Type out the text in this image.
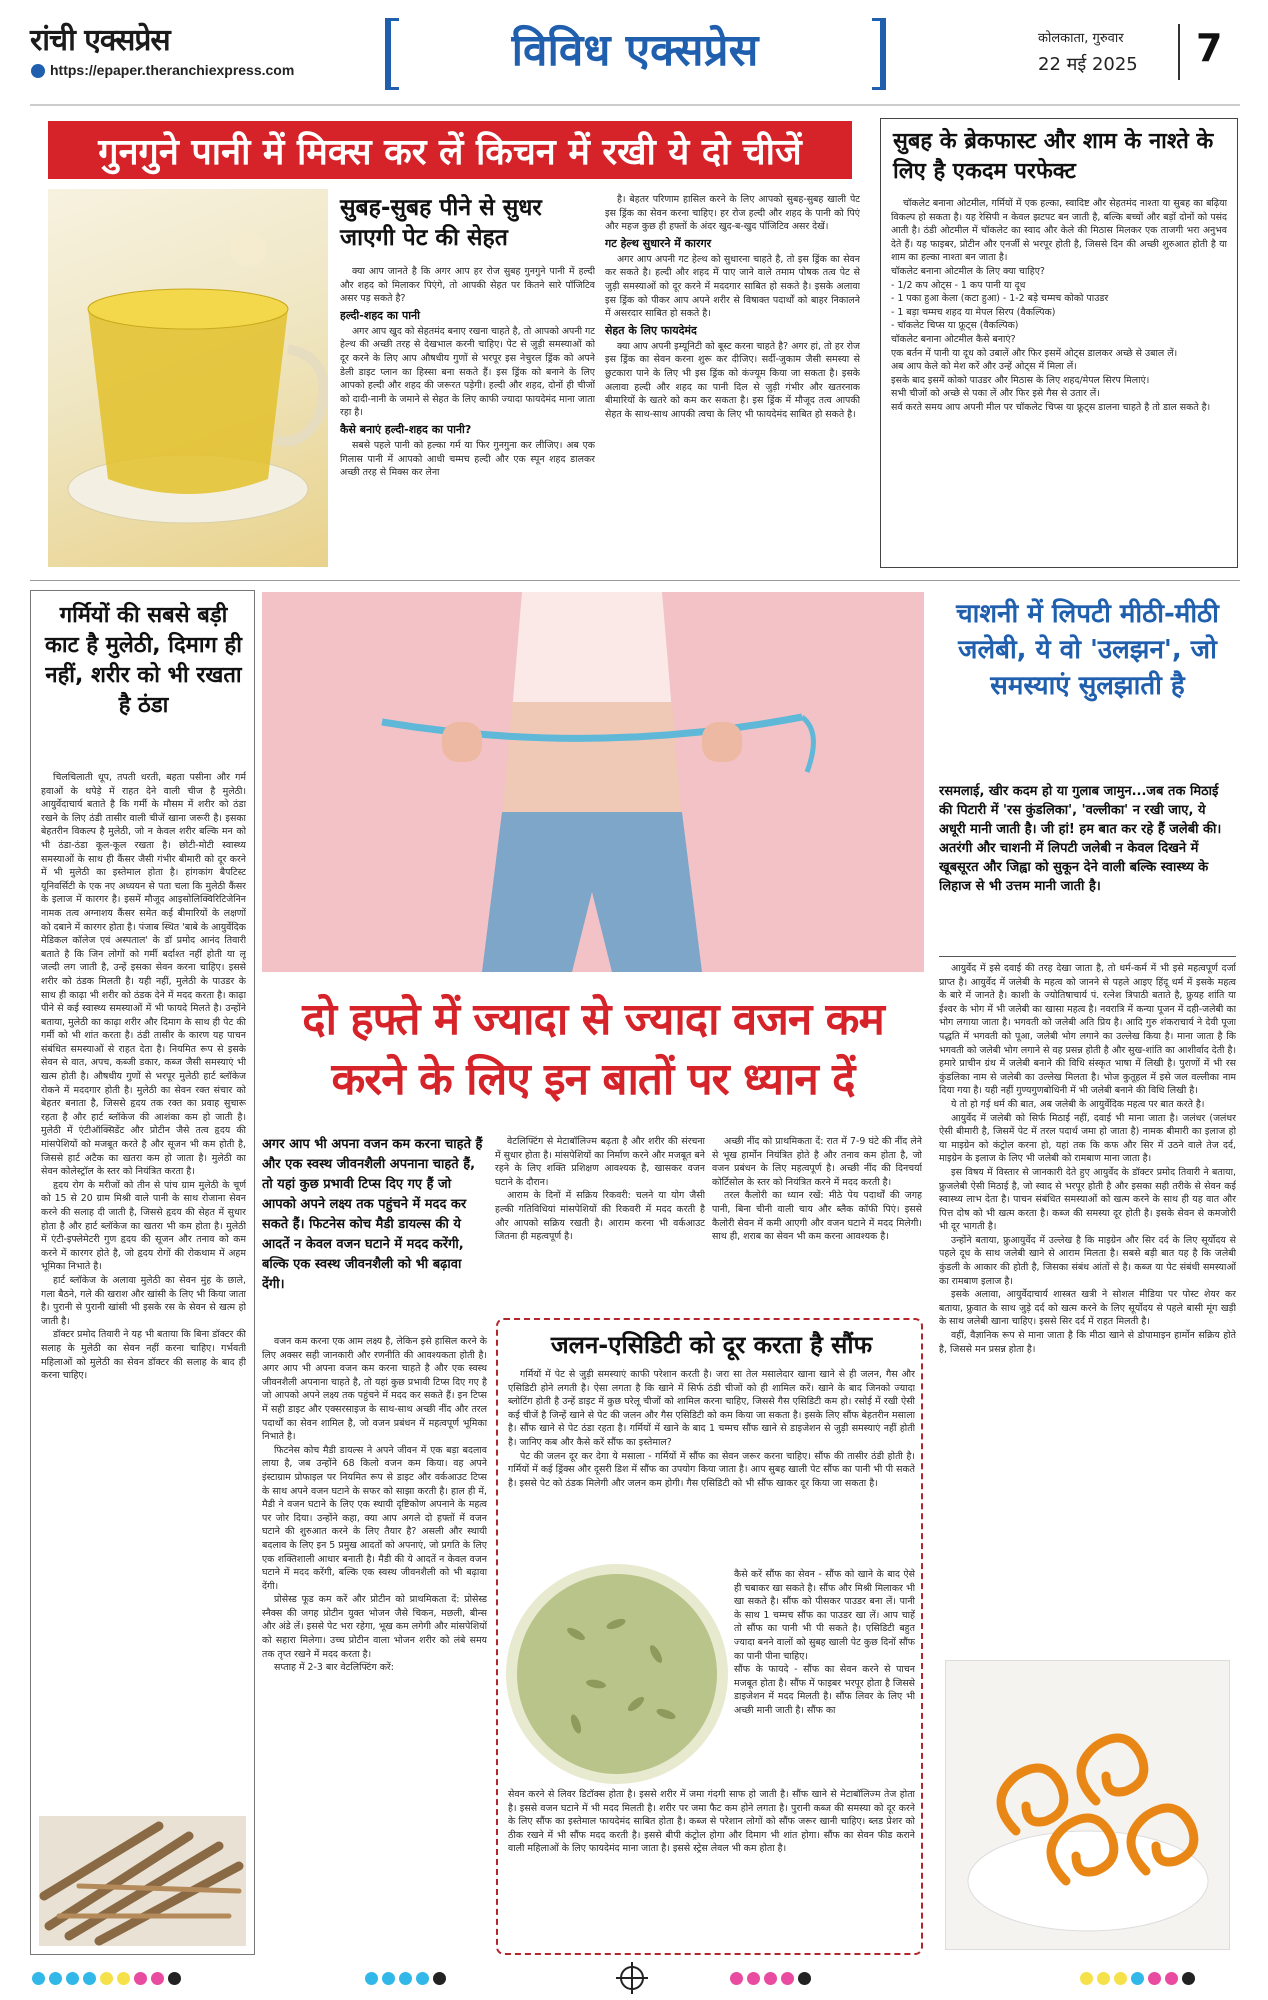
रांची एक्सप्रेस
https://epaper.theranchiexpress.com	विविध एक्सप्रेस	कोलकाता, गुरुवार
22 मई 2025 7
गुनगुने पानी में मिक्स कर लें किचन में रखी ये दो चीजें
सुबह-सुबह पीने से सुधर जाएगी पेट की सेहत

क्या आप जानते है कि अगर आप हर रोज सुबह गुनगुने पानी में हल्दी और शहद को मिलाकर पिएंगे, तो आपकी सेहत पर कितने सारे पॉजिटिव असर पड़ सकते है?

हल्दी-शहद का पानी

अगर आप खुद को सेहतमंद बनाए रखना चाहते है, तो आपको अपनी गट हेल्थ की अच्छी तरह से देखभाल करनी चाहिए। पेट से जुड़ी समस्याओं को दूर करने के लिए आप औषधीय गुणों से भरपूर इस नेचुरल ड्रिंक को अपने डेली डाइट प्लान का हिस्सा बना सकते हैं। इस ड्रिंक को बनाने के लिए आपको हल्दी और शहद की जरूरत पड़ेगी। हल्दी और शहद, दोनों ही चीजों को दादी-नानी के जमाने से सेहत के लिए काफी ज्यादा फायदेमंद माना जाता रहा है।

कैसे बनाएं हल्दी-शहद का पानी?

सबसे पहले पानी को हल्का गर्म या फिर गुनगुना कर लीजिए। अब एक गिलास पानी में आपको आधी चम्मच हल्दी और एक स्पून शहद डालकर अच्छी तरह से मिक्स कर लेना

है। बेहतर परिणाम हासिल करने के लिए आपको सुबह-सुबह खाली पेट इस ड्रिंक का सेवन करना चाहिए। हर रोज हल्दी और शहद के पानी को पिएं और महज कुछ ही हफ्तों के अंदर खुद-ब-खुद पॉजिटिव असर देखें।

गट हेल्थ सुधारने में कारगर

अगर आप अपनी गट हेल्थ को सुधारना चाहते है, तो इस ड्रिंक का सेवन कर सकते है। हल्दी और शहद में पाए जाने वाले तमाम पोषक तत्व पेट से जुड़ी समस्याओं को दूर करने में मददगार साबित हो सकते है। इसके अलावा इस ड्रिंक को पीकर आप अपने शरीर से विषाक्त पदार्थों को बाहर निकालने में असरदार साबित हो सकते है।

सेहत के लिए फायदेमंद

क्या आप अपनी इम्यूनिटी को बूस्ट करना चाहते है? अगर हां, तो हर रोज इस ड्रिंक का सेवन करना शुरू कर दीजिए। सर्दी-जुकाम जैसी समस्या से छुटकारा पाने के लिए भी इस ड्रिंक को कंज्यूम किया जा सकता है। इसके अलावा हल्दी और शहद का पानी दिल से जुड़ी गंभीर और खतरनाक बीमारियों के खतरे को कम कर सकता है। इस ड्रिंक में मौजूद तत्व आपकी सेहत के साथ-साथ आपकी त्वचा के लिए भी फायदेमंद साबित हो सकते है।

सुबह के ब्रेकफास्ट और शाम के नाश्ते के लिए है एकदम परफेक्ट

चॉकलेट बनाना ओटमील, गर्मियों में एक हल्का, स्वादिष्ट और सेहतमंद नाश्ता या सुबह का बढ़िया विकल्प हो सकता है। यह रेसिपी न केवल झटपट बन जाती है, बल्कि बच्चों और बड़ों दोनों को पसंद आती है। ठंडी ओटमील में चॉकलेट का स्वाद और केले की मिठास मिलकर एक ताजगी भरा अनुभव देते हैं। यह फाइबर, प्रोटीन और एनर्जी से भरपूर होती है, जिससे दिन की अच्छी शुरुआत होती है या शाम का हल्का नाश्ता बन जाता है।

चॉकलेट बनाना ओटमील के लिए क्या चाहिए?
- 1/2 कप ओट्स - 1 कप पानी या दूध
- 1 पका हुआ केला (कटा हुआ) - 1-2 बड़े चम्मच कोको पाउडर
- 1 बड़ा चम्मच शहद या मेपल सिरप (वैकल्पिक)
- चॉकलेट चिप्स या फ्रूट्स (वैकल्पिक)
चॉकलेट बनाना ओटमील कैसे बनाएं?
एक बर्तन में पानी या दूध को उबालें और फिर इसमें ओट्स डालकर अच्छे से उबाल लें।
अब आप केले को मेश करें और उन्हें ओट्स में मिला लें।
इसके बाद इसमें कोको पाउडर और मिठास के लिए शहद/मेपल सिरप मिलाएं।
सभी चीजों को अच्छे से पका लें और फिर इसे गैस से उतार लें।
सर्व करते समय आप अपनी मील पर चॉकलेट चिप्स या फ्रूट्स डालना चाहते है तो डाल सकते है।
गर्मियों की सबसे बड़ी काट है मुलेठी, दिमाग ही नहीं, शरीर को भी रखता है ठंडा

चिलचिलाती धूप, तपती धरती, बहता पसीना और गर्म हवाओं के थपेड़े में राहत देने वाली चीज है मुलेठी। आयुर्वेदाचार्य बताते है कि गर्मी के मौसम में शरीर को ठंडा रखने के लिए ठंडी तासीर वाली चीजें खाना जरूरी है। इसका बेहतरीन विकल्प है मुलेठी, जो न केवल शरीर बल्कि मन को भी ठंडा-ठंडा कूल-कूल रखता है। छोटी-मोटी स्वास्थ्य समस्याओं के साथ ही कैंसर जैसी गंभीर बीमारी को दूर करने में भी मुलेठी का इस्तेमाल होता है। हांगकांग बैपटिस्ट यूनिवर्सिटी के एक नए अध्ययन से पता चला कि मुलेठी कैंसर के इलाज में कारगर है। इसमें मौजूद आइसोलिक्विरिटिजेनिन नामक तत्व अग्नाशय कैंसर समेत कई बीमारियों के लक्षणों को दबाने में कारगर होता है। पंजाब स्थित 'बाबे के आयुर्वेदिक मेडिकल कॉलेज एवं अस्पताल' के डॉ प्रमोद आनंद तिवारी बताते है कि जिन लोगों को गर्मी बर्दाश्त नहीं होती या लू जल्दी लग जाती है, उन्हें इसका सेवन करना चाहिए। इससे शरीर को ठंडक मिलती है। यही नहीं, मुलेठी के पाउडर के साथ ही काढ़ा भी शरीर को ठंडक देने में मदद करता है। काढ़ा पीने से कई स्वास्थ्य समस्याओं में भी फायदे मिलते है। उन्होंने बताया, मुलेठी का काढ़ा शरीर और दिमाग के साथ ही पेट की गर्मी को भी शांत करता है। ठंडी तासीर के कारण यह पाचन संबंधित समस्याओं से राहत देता है। नियमित रूप से इसके सेवन से वात, अपच, कब्जी डकार, कब्ज जैसी समस्याएं भी खत्म होती है। औषधीय गुणों से भरपूर मुलेठी हार्ट ब्लॉकेज रोकने में मददगार होती है। मुलेठी का सेवन रक्त संचार को बेहतर बनाता है, जिससे हृदय तक रक्त का प्रवाह सुचारू रहता है और हार्ट ब्लॉकेज की आशंका कम हो जाती है। मुलेठी में एंटीऑक्सिडेंट और प्रोटीन जैसे तत्व हृदय की मांसपेशियों को मजबूत करते है और सूजन भी कम होती है, जिससे हार्ट अटैक का खतरा कम हो जाता है। मुलेठी का सेवन कोलेस्ट्रॉल के स्तर को नियंत्रित करता है।

हृदय रोग के मरीजों को तीन से पांच ग्राम मुलेठी के चूर्ण को 15 से 20 ग्राम मिश्री वाले पानी के साथ रोजाना सेवन करने की सलाह दी जाती है, जिससे हृदय की सेहत में सुधार होता है और हार्ट ब्लॉकेज का खतरा भी कम होता है। मुलेठी में एंटी-इफ्लेमेटरी गुण हृदय की सूजन और तनाव को कम करने में कारगर होते है, जो हृदय रोगों की रोकथाम में अहम भूमिका निभाते है।

हार्ट ब्लॉकेज के अलावा मुलेठी का सेवन मुंह के छाले, गला बैठने, गले की खराश और खांसी के लिए भी किया जाता है। पुरानी से पुरानी खांसी भी इसके रस के सेवन से खत्म हो जाती है।

डॉक्टर प्रमोद तिवारी ने यह भी बताया कि बिना डॉक्टर की सलाह के मुलेठी का सेवन नहीं करना चाहिए। गर्भवती महिलाओं को मुलेठी का सेवन डॉक्टर की सलाह के बाद ही करना चाहिए।

दो हफ्ते में ज्यादा से ज्यादा वजन कम करने के लिए इन बातों पर ध्यान दें
अगर आप भी अपना वजन कम करना चाहते हैं और एक स्वस्थ जीवनशैली अपनाना चाहते हैं, तो यहां कुछ प्रभावी टिप्स दिए गए हैं जो आपको अपने लक्ष्य तक पहुंचने में मदद कर सकते हैं। फिटनेस कोच मैडी डायल्स की ये आदतें न केवल वजन घटाने में मदद करेंगी, बल्कि एक स्वस्थ जीवनशैली को भी बढ़ावा देंगी।

वजन कम करना एक आम लक्ष्य है, लेकिन इसे हासिल करने के लिए अक्सर सही जानकारी और रणनीति की आवश्यकता होती है। अगर आप भी अपना वजन कम करना चाहते है और एक स्वस्थ जीवनशैली अपनाना चाहते है, तो यहां कुछ प्रभावी टिप्स दिए गए है जो आपको अपने लक्ष्य तक पहुंचने में मदद कर सकते हैं। इन टिप्स में सही डाइट और एक्सरसाइज के साथ-साथ अच्छी नींद और तरल पदार्थों का सेवन शामिल है, जो वजन प्रबंधन में महत्वपूर्ण भूमिका निभाते है।

फिटनेस कोच मैडी डायल्स ने अपने जीवन में एक बड़ा बदलाव लाया है, जब उन्होंने 68 किलो वजन कम किया। वह अपने इंस्टाग्राम प्रोफाइल पर नियमित रूप से डाइट और वर्कआउट टिप्स के साथ अपने वजन घटाने के सफर को साझा करती है। हाल ही में, मैडी ने वजन घटाने के लिए एक स्थायी दृष्टिकोण अपनाने के महत्व पर जोर दिया। उन्होंने कहा, क्या आप अगले दो हफ्तों में वजन घटाने की शुरुआत करने के लिए तैयार है? असली और स्थायी बदलाव के लिए इन 5 प्रमुख आदतों को अपनाएं, जो प्रगति के लिए एक शक्तिशाली आधार बनाती है। मैडी की ये आदतें न केवल वजन घटाने में मदद करेंगी, बल्कि एक स्वस्थ जीवनशैली को भी बढ़ावा देंगी।

प्रोसेस्ड फूड कम करें और प्रोटीन को प्राथमिकता दें: प्रोसेस्ड स्नैक्स की जगह प्रोटीन युक्त भोजन जैसे चिकन, मछली, बीन्स और अंडे लें। इससे पेट भरा रहेगा, भूख कम लगेगी और मांसपेशियों को सहारा मिलेगा। उच्च प्रोटीन वाला भोजन शरीर को लंबे समय तक तृप्त रखने में मदद करता है।

सप्ताह में 2-3 बार वेटलिफ्टिंग करें:

वेटलिफ्टिंग से मेटाबॉलिज्म बढ़ता है और शरीर की संरचना में सुधार होता है। मांसपेशियों का निर्माण करने और मजबूत बने रहने के लिए शक्ति प्रशिक्षण आवश्यक है, खासकर वजन घटाने के दौरान।

आराम के दिनों में सक्रिय रिकवरी: चलने या योग जैसी हल्की गतिविधियां मांसपेशियों की रिकवरी में मदद करती है और आपको सक्रिय रखती है। आराम करना भी वर्कआउट जितना ही महत्वपूर्ण है।

अच्छी नींद को प्राथमिकता दें: रात में 7-9 घंटे की नींद लेने से भूख हार्मोन नियंत्रित होते है और तनाव कम होता है, जो वजन प्रबंधन के लिए महत्वपूर्ण है। अच्छी नींद की दिनचर्या कोर्टिसोल के स्तर को नियंत्रित करने में मदद करती है।

तरल कैलोरी का ध्यान रखें: मीठे पेय पदार्थों की जगह पानी, बिना चीनी वाली चाय और ब्लैक कॉफी पिएं। इससे कैलोरी सेवन में कमी आएगी और वजन घटाने में मदद मिलेगी। साथ ही, शराब का सेवन भी कम करना आवश्यक है।

जलन-एसिडिटी को दूर करता है सौंफ

गर्मियों में पेट से जुड़ी समस्याएं काफी परेशान करती है। जरा सा तेल मसालेदार खाना खाने से ही जलन, गैस और एसिडिटी होने लगती है। ऐसा लगता है कि खाने में सिर्फ ठंडी चीजों को ही शामिल करें। खाने के बाद जिनको ज्यादा ब्लोटिंग होती है उन्हें डाइट में कुछ घरेलू चीजों को शामिल करना चाहिए, जिससे गैस एसिडिटी कम हो। रसोई में रखी ऐसी कई चीजें है जिन्हें खाने से पेट की जलन और गैस एसिडिटी को कम किया जा सकता है। इसके लिए सौंफ बेहतरीन मसाला है। सौंफ खाने से पेट ठंडा रहता है। गर्मियों में खाने के बाद 1 चम्मच सौंफ खाने से डाइजेशन से जुड़ी समस्याएं नहीं होती है। जानिए कब और कैसे करें सौंफ का इस्तेमाल?

पेट की जलन दूर कर देगा ये मसाला - गर्मियों में सौंफ का सेवन जरूर करना चाहिए। सौंफ की तासीर ठंडी होती है। गर्मियों में कई ड्रिंक्स और दूसरी डिश में सौंफ का उपयोग किया जाता है। आप सुबह खाली पेट सौंफ का पानी भी पी सकते है। इससे पेट को ठंडक मिलेगी और जलन कम होगी। गैस एसिडिटी को भी सौंफ खाकर दूर किया जा सकता है।

कैसे करें सौंफ का सेवन - सौंफ को खाने के बाद ऐसे ही चबाकर खा सकते है। सौंफ और मिश्री मिलाकर भी खा सकते है। सौंफ को पीसकर पाउडर बना लें। पानी के साथ 1 चम्मच सौंफ का पाउडर खा लें। आप चाहें तो सौंफ का पानी भी पी सकते है। एसिडिटी बहुत ज्यादा बनने वालों को सुबह खाली पेट कुछ दिनों सौंफ का पानी पीना चाहिए।
सौंफ के फायदे - सौंफ का सेवन करने से पाचन मजबूत होता है। सौंफ में फाइबर भरपूर होता है जिससे डाइजेशन में मदद मिलती है। सौंफ लिवर के लिए भी अच्छी मानी जाती है। सौंफ का
सेवन करने से लिवर डिटॉक्स होता है। इससे शरीर में जमा गंदगी साफ हो जाती है। सौंफ खाने से मेटाबॉलिज्म तेज होता है। इससे वजन घटाने में भी मदद मिलती है। शरीर पर जमा फैट कम होने लगता है। पुरानी कब्ज की समस्या को दूर करने के लिए सौंफ का इस्तेमाल फायदेमंद साबित होता है। कब्ज से परेशान लोगों को सौंफ जरूर खानी चाहिए। ब्लड प्रेशर को ठीक रखने में भी सौंफ मदद करती है। इससे बीपी कंट्रोल होगा और दिमाग भी शांत होगा। सौंफ का सेवन फीड कराने वाली महिलाओं के लिए फायदेमंद माना जाता है। इससे स्ट्रेस लेवल भी कम होता है।
चाशनी में लिपटी मीठी-मीठी जलेबी, ये वो 'उलझन', जो समस्याएं सुलझाती है
रसमलाई, खीर कदम हो या गुलाब जामुन...जब तक मिठाई की पिटारी में 'रस कुंडलिका', 'वल्लीका' न रखी जाए, ये अधूरी मानी जाती है। जी हां! हम बात कर रहे हैं जलेबी की। अतरंगी और चाशनी में लिपटी जलेबी न केवल दिखने में खूबसूरत और जिह्वा को सुकून देने वाली बल्कि स्वास्थ्य के लिहाज से भी उत्तम मानी जाती है।

आयुर्वेद में इसे दवाई की तरह देखा जाता है, तो धर्म-कर्म में भी इसे महत्वपूर्ण दर्जा प्राप्त है। आयुर्वेद में जलेबी के महत्व को जानने से पहले आइए हिंदू धर्म में इसके महत्व के बारे में जानते है। काशी के ज्योतिषाचार्य पं. रत्नेश त्रिपाठी बताते है, फ्रुयह शांति या ईश्वर के भोग में भी जलेबी का खासा महत्व है। नवरात्रि में कन्या पूजन में दही-जलेबी का भोग लगाया जाता है। भगवती को जलेबी अति प्रिय है। आदि गुरु शंकराचार्य ने देवी पूजा पद्धति में भगवती को पूआ, जलेबी भोग लगाने का उल्लेख किया है। माना जाता है कि भगवती को जलेबी भोग लगाने से वह प्रसन्न होती है और सुख-शांति का आशीर्वाद देती है। हमारे प्राचीन ग्रंथ में जलेबी बनाने की विधि संस्कृत भाषा में लिखी है। पुराणों में भी रस कुंडलिका नाम से जलेबी का उल्लेख मिलता है। भोज कुतूहल में इसे जल वल्लीका नाम दिया गया है। यही नहीं गुण्यगुणबोधिनी में भी जलेबी बनाने की विधि लिखी है।

ये तो हो गई धर्म की बात, अब जलेबी के आयुर्वेदिक महत्व पर बात करते है।

आयुर्वेद में जलेबी को सिर्फ मिठाई नहीं, दवाई भी माना जाता है। जलंधर (जलंधर ऐसी बीमारी है, जिसमें पेट में तरल पदार्थ जमा हो जाता है) नामक बीमारी का इलाज हो या माइग्रेन को कंट्रोल करना हो, यहां तक कि कफ और सिर में उठने वाले तेज दर्द, माइग्रेन के इलाज के लिए भी जलेबी को रामबाण माना जाता है।

इस विषय में विस्तार से जानकारी देते हुए आयुर्वेद के डॉक्टर प्रमोद तिवारी ने बताया, फ्रुजलेबी ऐसी मिठाई है, जो स्वाद से भरपूर होती है और इसका सही तरीके से सेवन कई स्वास्थ्य लाभ देता है। पाचन संबंधित समस्याओं को खत्म करने के साथ ही यह वात और पित्त दोष को भी खत्म करता है। कब्ज की समस्या दूर होती है। इसके सेवन से कमजोरी भी दूर भागती है।

उन्होंने बताया, फ्रुआयुर्वेद में उल्लेख है कि माइग्रेन और सिर दर्द के लिए सूर्योदय से पहले दूध के साथ जलेबी खाने से आराम मिलता है। सबसे बड़ी बात यह है कि जलेबी कुंडली के आकार की होती है, जिसका संबंध आंतों से है। कब्ज या पेट संबंधी समस्याओं का रामबाण इलाज है।

इसके अलावा, आयुर्वेदाचार्य शास्त्रत खत्री ने सोशल मीडिया पर पोस्ट शेयर कर बताया, फ्रुवात के साथ जुड़े दर्द को खत्म करने के लिए सूर्योदय से पहले बासी मूंग खड़ी के साथ जलेबी खाना चाहिए। इससे सिर दर्द में राहत मिलती है।

वहीं, वैज्ञानिक रूप से माना जाता है कि मीठा खाने से डोपामाइन हार्मोन सक्रिय होते है, जिससे मन प्रसन्न होता है।
